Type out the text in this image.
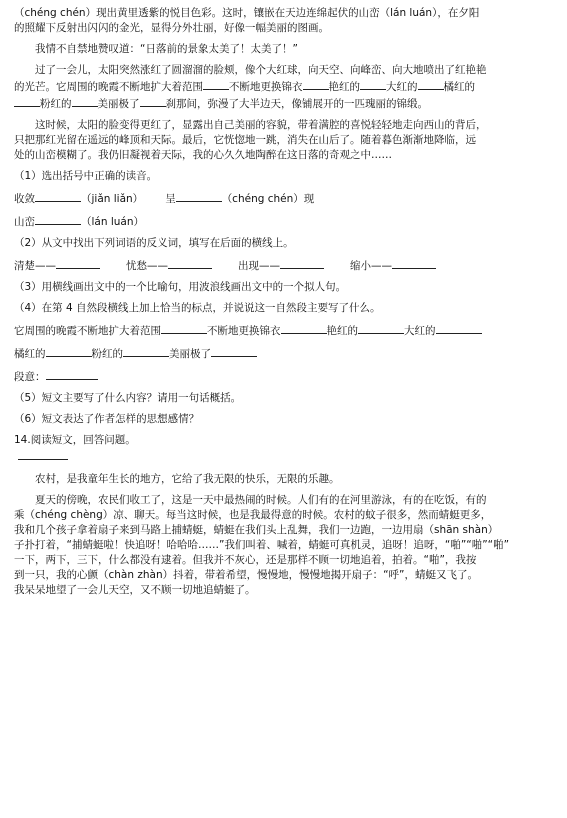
（chéng chén）现出黄里透紫的悦目色彩。这时，镶嵌在天边连绵起伏的山峦（lán luán），在夕阳

的照耀下反射出闪闪的金光，显得分外壮丽，好像一幅美丽的图画。

我情不自禁地赞叹道：“日落前的景象太美了！太美了！”

过了一会儿，太阳突然涨红了圆溜溜的脸颊，像个大红球，向天空、向峰峦、向大地喷出了红艳艳

的光芒。它周围的晚霞不断地扩大着范围 不断地更换锦衣 艳红的 大红的 橘红的

粉红的 美丽极了 刹那间，弥漫了大半边天，像铺展开的一匹瑰丽的锦缎。

这时候，太阳的脸变得更红了，显露出自己美丽的容貌，带着满腔的喜悦轻轻地走向西山的背后，

只把那红光留在遥远的峰顶和天际。最后，它恍惚地一跳，消失在山后了。随着暮色渐渐地降临，远

处的山峦模糊了。我仍旧凝视着天际，我的心久久地陶醉在这日落的奇观之中……

（1）选出括号中正确的读音。

收敛	（jiǎn liǎn） 呈	（chéng chén）现

山峦	（lán luán）

（2）从文中找出下列词语的反义词，填写在后面的横线上。

清楚——	忧愁——	出现——	缩小——

（3）用横线画出文中的一个比喻句，用波浪线画出文中的一个拟人句。

（4）在第 4 自然段横线上加上恰当的标点，并说说这一自然段主要写了什么。

它周围的晚霞不断地扩大着范围	不断地更换锦衣	艳红的	大红的

橘红的	粉红的	美丽极了

段意：

（5）短文主要写了什么内容？请用一句话概括。

（6）短文表达了作者怎样的思想感情？

14.阅读短文，回答问题。

农村，是我童年生长的地方，它给了我无限的快乐，无限的乐趣。

夏天的傍晚，农民们收工了，这是一天中最热闹的时候。人们有的在河里游泳，有的在吃饭，有的

乘（chéng chèng）凉、聊天。每当这时候，也是我最得意的时候。农村的蚊子很多，然而蜻蜓更多，

我和几个孩子拿着扇子来到马路上捕蜻蜓，蜻蜓在我们头上乱舞，我们一边跑，一边用扇（shān shàn）

子扑打着，“捕蜻蜓啦！快追呀！哈哈哈……”我们叫着、喊着，蜻蜓可真机灵，追呀！追呀，“啪”“啪”“啪”

一下，两下，三下，什么都没有逮着。但我并不灰心，还是那样不顾一切地追着，拍着。“啪”，我按

到一只，我的心颤（chàn zhàn）抖着，带着希望，慢慢地，慢慢地揭开扇子：“呼”，蜻蜓又飞了。

我呆呆地望了一会儿天空，又不顾一切地追蜻蜓了。
